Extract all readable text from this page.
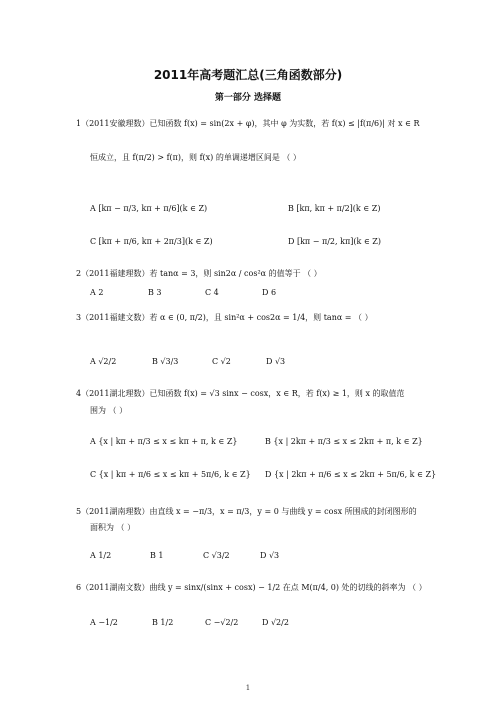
2011年高考题汇总(三角函数部分)
第一部分 选择题
1（2011安徽理数）已知函数 f(x) = sin(2x + φ)，其中 φ 为实数，若 f(x) ≤ |f(π/6)| 对 x ∈ R
恒成立，且 f(π/2) > f(π)，则 f(x) 的单调递增区间是 （ ）
A [kπ − π/3, kπ + π/6](k ∈ Z)	B [kπ, kπ + π/2](k ∈ Z)
C [kπ + π/6, kπ + 2π/3](k ∈ Z)	D [kπ − π/2, kπ](k ∈ Z)
2（2011福建理数）若 tanα = 3，则 sin2α / cos²α 的值等于 （ ）
A 2	B 3	C 4	D 6
3（2011福建文数）若 α ∈ (0, π/2)，且 sin²α + cos2α = 1/4，则 tanα = （ ）
A √2/2	B √3/3	C √2	D √3
4（2011湖北理数）已知函数 f(x) = √3 sinx − cosx，x ∈ R，若 f(x) ≥ 1，则 x 的取值范
围为 （ ）
A {x | kπ + π/3 ≤ x ≤ kπ + π, k ∈ Z}	B {x | 2kπ + π/3 ≤ x ≤ 2kπ + π, k ∈ Z}
C {x | kπ + π/6 ≤ x ≤ kπ + 5π/6, k ∈ Z} D {x | 2kπ + π/6 ≤ x ≤ 2kπ + 5π/6, k ∈ Z}
5（2011湖南理数）由直线 x = −π/3，x = π/3，y = 0 与曲线 y = cosx 所围成的封闭图形的
面积为 （ ）
A 1/2	B 1	C √3/2	D √3
6（2011湖南文数）曲线 y = sinx/(sinx + cosx) − 1/2 在点 M(π/4, 0) 处的切线的斜率为 （ ）
A −1/2	B 1/2	C −√2/2	D √2/2
1
